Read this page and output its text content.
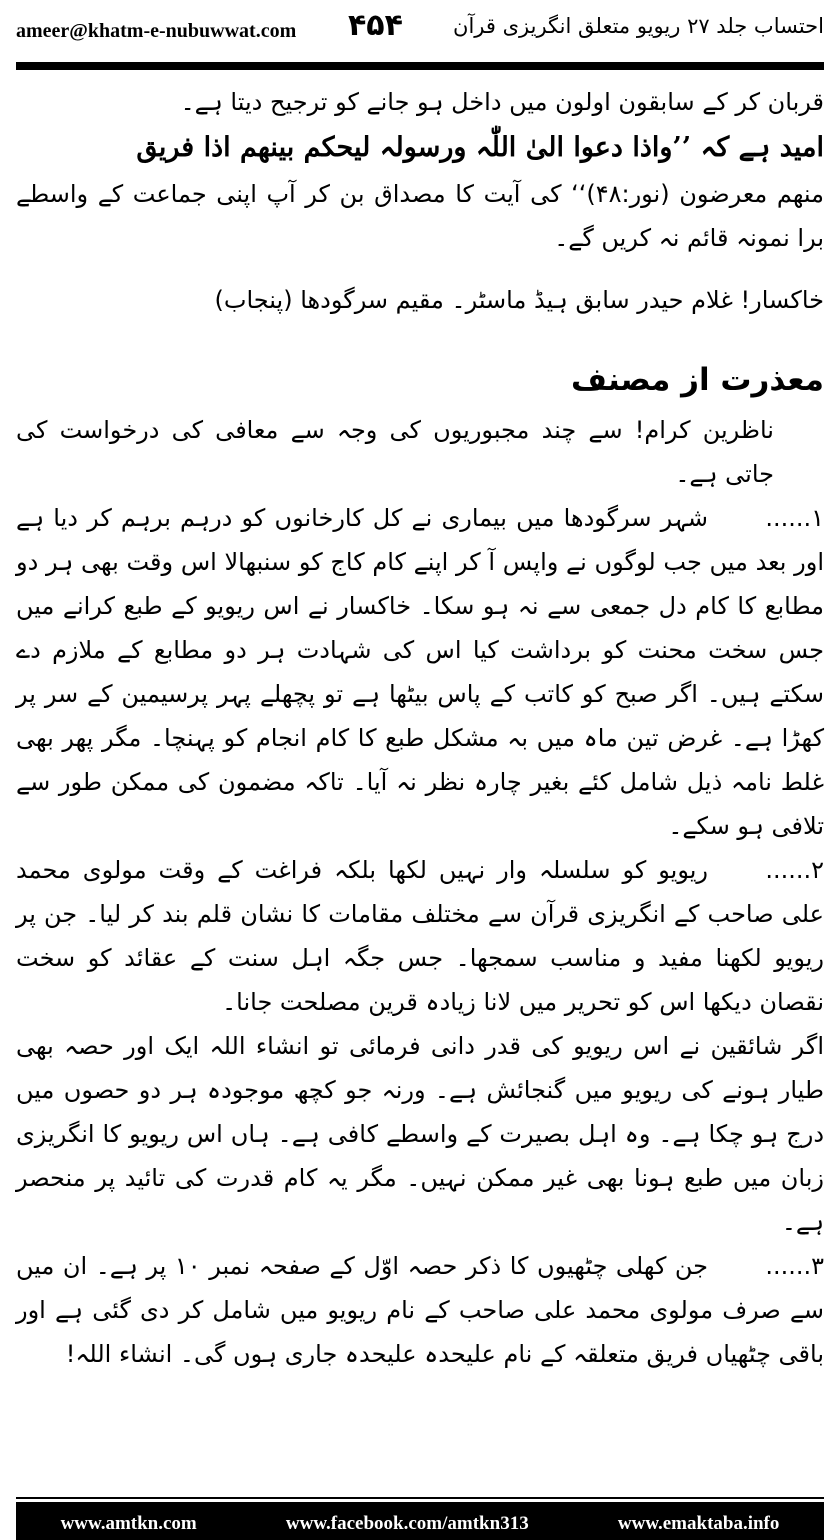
ameer@khatm-e-nubuwwat.com ۴۵۴ احتساب جلد ۲۷ ریویو متعلق انگریزی قرآن

قربان کر کے سابقون اولون میں داخل ہو جانے کو ترجیح دیتا ہے۔

امید ہے کہ ’’واذا دعوا الیٰ اللّٰہ ورسولہ لیحکم بینھم اذا فریق

منھم معرضون (نور:۴۸)‘‘ کی آیت کا مصداق بن کر آپ اپنی جماعت کے واسطے برا نمونہ قائم نہ کریں گے۔

خاکسار! غلام حیدر سابق ہیڈ ماسٹر۔ مقیم سرگودھا (پنجاب)

معذرت از مصنف

ناظرین کرام! سے چند مجبوریوں کی وجہ سے معافی کی درخواست کی جاتی ہے۔

۱......شہر سرگودھا میں بیماری نے کل کارخانوں کو درہم برہم کر دیا ہے اور بعد میں جب لوگوں نے واپس آ کر اپنے کام کاج کو سنبھالا اس وقت بھی ہر دو مطابع کا کام دل جمعی سے نہ ہو سکا۔ خاکسار نے اس ریویو کے طبع کرانے میں جس سخت محنت کو برداشت کیا اس کی شہادت ہر دو مطابع کے ملازم دے سکتے ہیں۔ اگر صبح کو کاتب کے پاس بیٹھا ہے تو پچھلے پہر پرسیمین کے سر پر کھڑا ہے۔ غرض تین ماہ میں بہ مشکل طبع کا کام انجام کو پہنچا۔ مگر پھر بھی غلط نامہ ذیل شامل کئے بغیر چارہ نظر نہ آیا۔ تاکہ مضمون کی ممکن طور سے تلافی ہو سکے۔

۲......ریویو کو سلسلہ وار نہیں لکھا بلکہ فراغت کے وقت مولوی محمد علی صاحب کے انگریزی قرآن سے مختلف مقامات کا نشان قلم بند کر لیا۔ جن پر ریویو لکھنا مفید و مناسب سمجھا۔ جس جگہ اہل سنت کے عقائد کو سخت نقصان دیکھا اس کو تحریر میں لانا زیادہ قرین مصلحت جانا۔

اگر شائقین نے اس ریویو کی قدر دانی فرمائی تو انشاء اللہ ایک اور حصہ بھی طیار ہونے کی ریویو میں گنجائش ہے۔ ورنہ جو کچھ موجودہ ہر دو حصوں میں درج ہو چکا ہے۔ وہ اہل بصیرت کے واسطے کافی ہے۔ ہاں اس ریویو کا انگریزی زبان میں طبع ہونا بھی غیر ممکن نہیں۔ مگر یہ کام قدرت کی تائید پر منحصر ہے۔

۳......جن کھلی چٹھیوں کا ذکر حصہ اوّل کے صفحہ نمبر ۱۰ پر ہے۔ ان میں سے صرف مولوی محمد علی صاحب کے نام ریویو میں شامل کر دی گئی ہے اور باقی چٹھیاں فریق متعلقہ کے نام علیحدہ علیحدہ جاری ہوں گی۔ انشاء اللہ!

www.amtkn.com	www.facebook.com/amtkn313	www.emaktaba.info
